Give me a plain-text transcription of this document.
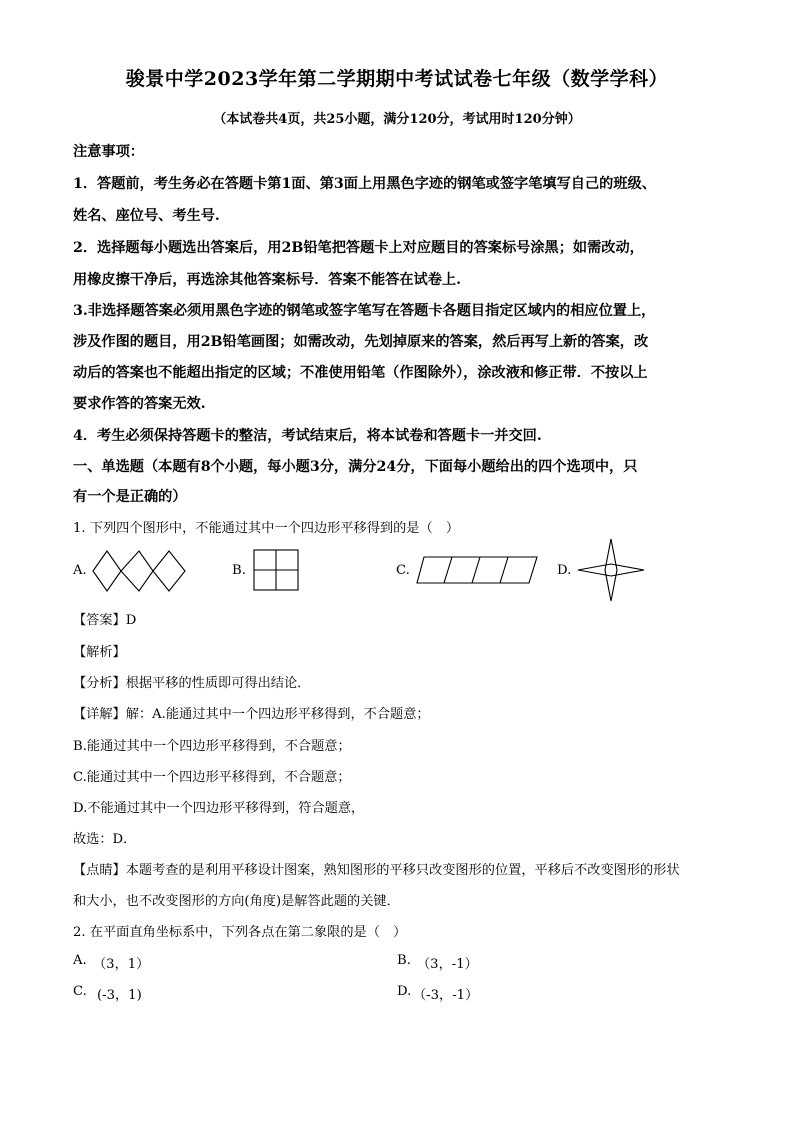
骏景中学2023学年第二学期期中考试试卷七年级（数学学科）
（本试卷共4页，共25小题，满分120分，考试用时120分钟）
注意事项：
1．答题前，考生务必在答题卡第1面、第3面上用黑色字迹的钢笔或签字笔填写自己的班级、
姓名、座位号、考生号.
2．选择题每小题选出答案后，用2B铅笔把答题卡上对应题目的答案标号涂黑；如需改动，
用橡皮擦干净后，再选涂其他答案标号．答案不能答在试卷上.
3.非选择题答案必须用黑色字迹的钢笔或签字笔写在答题卡各题目指定区域内的相应位置上，
涉及作图的题目，用2B铅笔画图；如需改动，先划掉原来的答案，然后再写上新的答案，改
动后的答案也不能超出指定的区域；不准使用铅笔（作图除外），涂改液和修正带．不按以上
要求作答的答案无效.
4．考生必须保持答题卡的整洁，考试结束后，将本试卷和答题卡一并交回.
一、单选题（本题有8个小题，每小题3分，满分24分，下面每小题给出的四个选项中，只
有一个是正确的）
1. 下列四个图形中，不能通过其中一个四边形平移得到的是（　）
A.	B.	C.	D.
【答案】D
【解析】
【分析】根据平移的性质即可得出结论．
【详解】解：A.能通过其中一个四边形平移得到，不合题意；
B.能通过其中一个四边形平移得到，不合题意；
C.能通过其中一个四边形平移得到，不合题意；
D.不能通过其中一个四边形平移得到，符合题意，
故选：D．
【点睛】本题考查的是利用平移设计图案，熟知图形的平移只改变图形的位置，平移后不改变图形的形状
和大小，也不改变图形的方向(角度)是解答此题的关键．
2. 在平面直角坐标系中，下列各点在第二象限的是（　）
A. （3，1）	B. （3，-1）
C. (-3，1)	D. （-3，-1）
